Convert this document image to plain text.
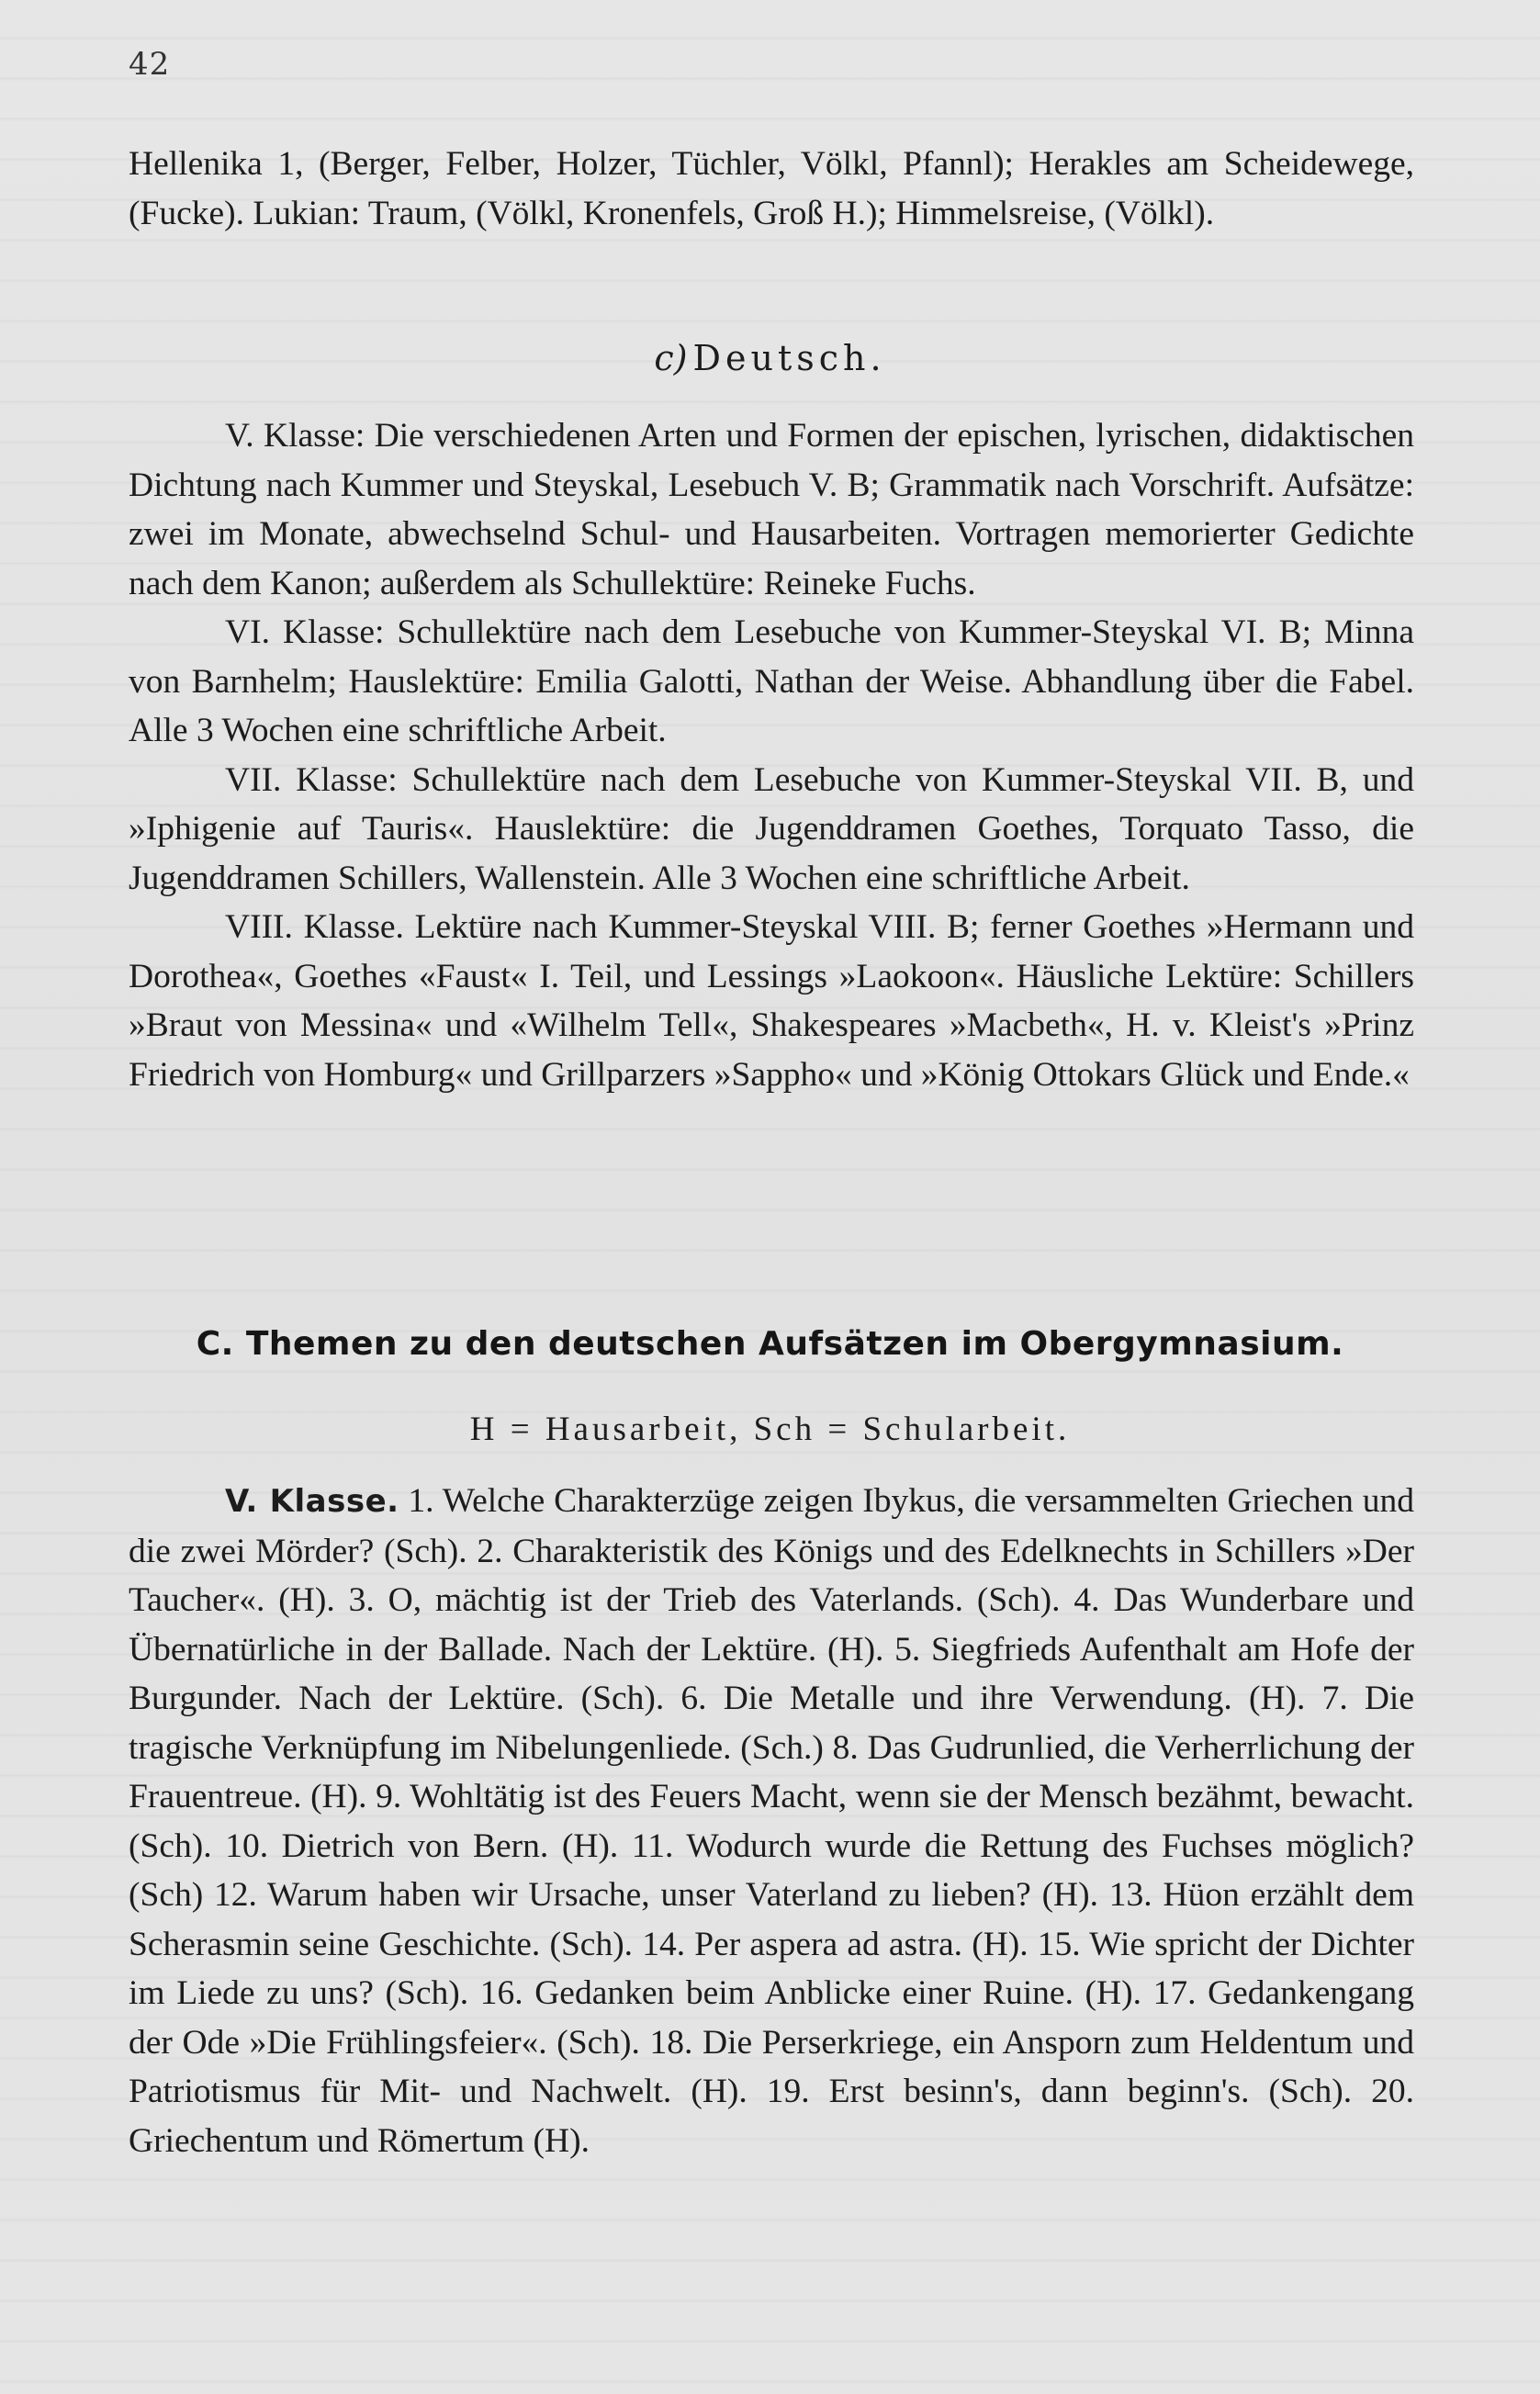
42

Hellenika 1, (Berger, Felber, Holzer, Tüchler, Völkl, Pfannl); Herakles am Scheidewege, (Fucke). Lukian: Traum, (Völkl, Kronenfels, Groß H.); Himmelsreise, (Völkl).

c) Deutsch.

V. Klasse: Die verschiedenen Arten und Formen der epischen, lyrischen, didaktischen Dichtung nach Kummer und Steyskal, Lesebuch V. B; Grammatik nach Vorschrift. Aufsätze: zwei im Monate, abwechselnd Schul- und Hausarbeiten. Vortragen memorierter Gedichte nach dem Kanon; außerdem als Schullektüre: Reineke Fuchs.

VI. Klasse: Schullektüre nach dem Lesebuche von Kummer-Steyskal VI. B; Minna von Barnhelm; Hauslektüre: Emilia Galotti, Nathan der Weise. Abhandlung über die Fabel. Alle 3 Wochen eine schriftliche Arbeit.

VII. Klasse: Schullektüre nach dem Lesebuche von Kummer-Steyskal VII. B, und »Iphigenie auf Tauris«. Hauslektüre: die Jugenddramen Goethes, Torquato Tasso, die Jugenddramen Schillers, Wallenstein. Alle 3 Wochen eine schriftliche Arbeit.

VIII. Klasse. Lektüre nach Kummer-Steyskal VIII. B; ferner Goethes »Hermann und Dorothea«, Goethes «Faust« I. Teil, und Lessings »Laokoon«. Häusliche Lektüre: Schillers »Braut von Messina« und «Wilhelm Tell«, Shakespeares »Macbeth«, H. v. Kleist's »Prinz Friedrich von Homburg« und Grillparzers »Sappho« und »König Ottokars Glück und Ende.«

C. Themen zu den deutschen Aufsätzen im Obergymnasium.
H = Hausarbeit, Sch = Schularbeit.

V. Klasse. 1. Welche Charakterzüge zeigen Ibykus, die versammelten Griechen und die zwei Mörder? (Sch). 2. Charakteristik des Königs und des Edelknechts in Schillers »Der Taucher«. (H). 3. O, mächtig ist der Trieb des Vaterlands. (Sch). 4. Das Wunderbare und Übernatürliche in der Ballade. Nach der Lektüre. (H). 5. Siegfrieds Aufenthalt am Hofe der Burgunder. Nach der Lektüre. (Sch). 6. Die Metalle und ihre Verwendung. (H). 7. Die tragische Verknüpfung im Nibelungenliede. (Sch.) 8. Das Gudrunlied, die Verherrlichung der Frauentreue. (H). 9. Wohltätig ist des Feuers Macht, wenn sie der Mensch bezähmt, bewacht. (Sch). 10. Dietrich von Bern. (H). 11. Wodurch wurde die Rettung des Fuchses möglich? (Sch) 12. Warum haben wir Ursache, unser Vaterland zu lieben? (H). 13. Hüon erzählt dem Scherasmin seine Geschichte. (Sch). 14. Per aspera ad astra. (H). 15. Wie spricht der Dichter im Liede zu uns? (Sch). 16. Gedanken beim Anblicke einer Ruine. (H). 17. Gedankengang der Ode »Die Frühlingsfeier«. (Sch). 18. Die Perserkriege, ein Ansporn zum Heldentum und Patriotismus für Mit- und Nachwelt. (H). 19. Erst besinn's, dann beginn's. (Sch). 20. Griechentum und Römertum (H).
